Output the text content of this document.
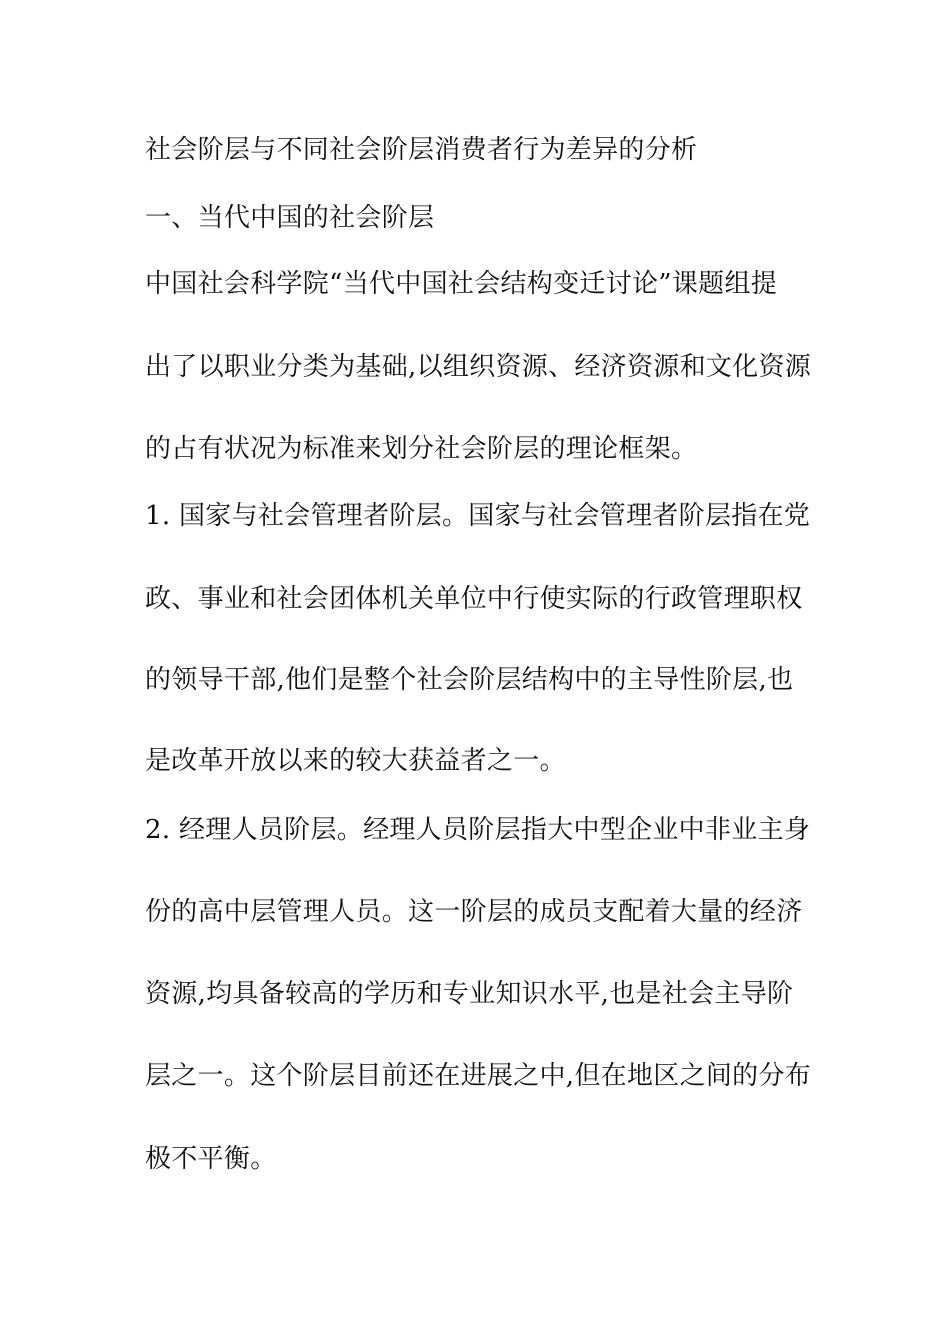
社会阶层与不同社会阶层消费者行为差异的分析
一、当代中国的社会阶层
中国社会科学院“当代中国社会结构变迁讨论”课题组提
出了以职业分类为基础,以组织资源、经济资源和文化资源
的占有状况为标准来划分社会阶层的理论框架。
1. 国家与社会管理者阶层。国家与社会管理者阶层指在党
政、事业和社会团体机关单位中行使实际的行政管理职权
的领导干部,他们是整个社会阶层结构中的主导性阶层,也
是改革开放以来的较大获益者之一。
2. 经理人员阶层。经理人员阶层指大中型企业中非业主身
份的高中层管理人员。这一阶层的成员支配着大量的经济
资源,均具备较高的学历和专业知识水平,也是社会主导阶
层之一。这个阶层目前还在进展之中,但在地区之间的分布
极不平衡。
